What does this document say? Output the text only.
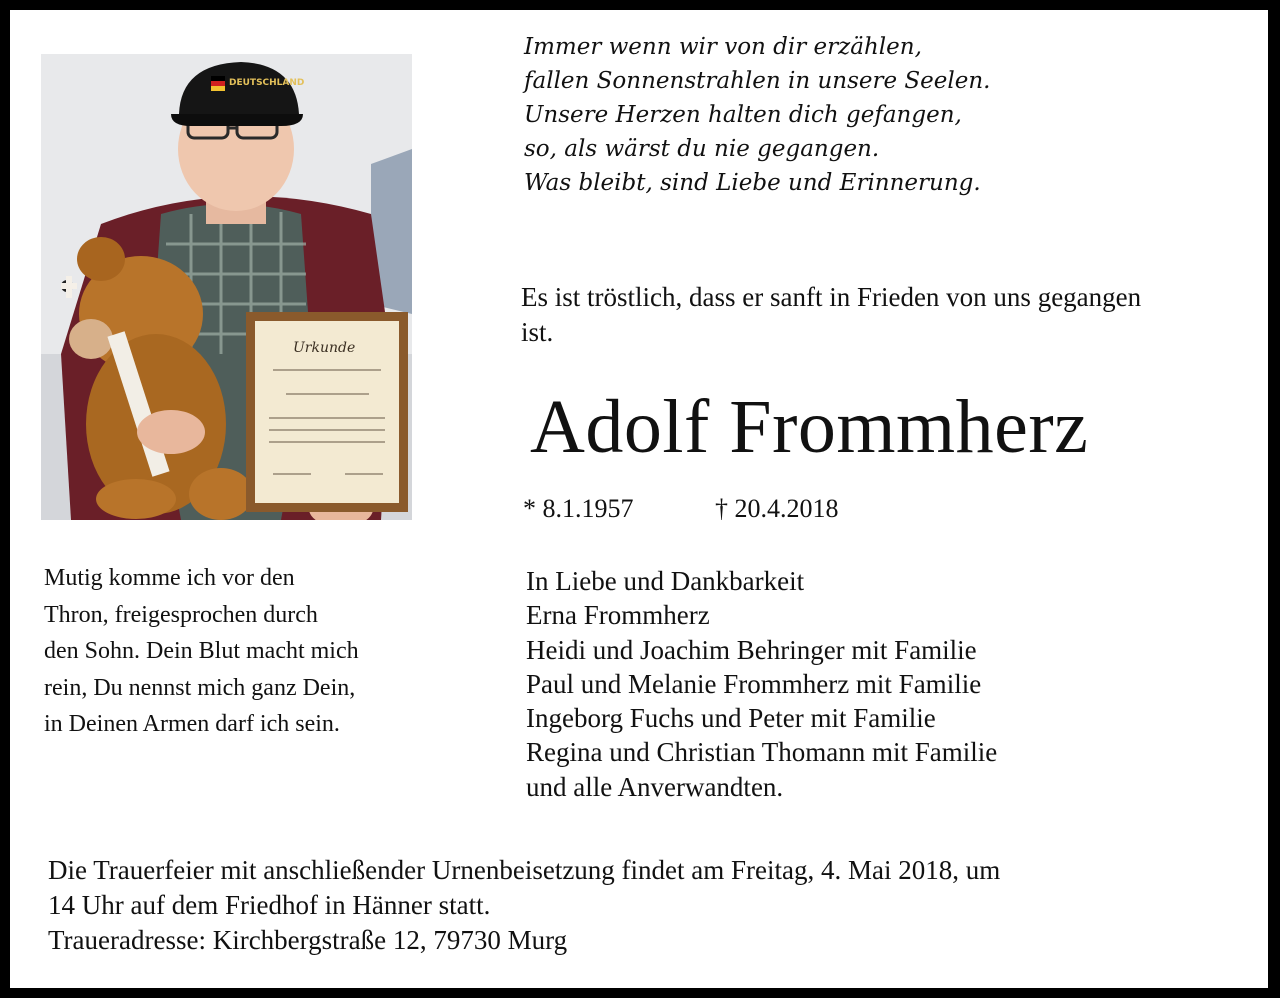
DEUTSCHLAND
Urkunde
Immer wenn wir von dir erzählen,
fallen Sonnenstrahlen in unsere Seelen.
Unsere Herzen halten dich gefangen,
so, als wärst du nie gegangen.
Was bleibt, sind Liebe und Erinnerung.
Es ist tröstlich, dass er sanft in Frieden von uns gegangen ist.
Adolf Frommherz
* 8.1.1957	† 20.4.2018
Mutig komme ich vor den
Thron, freigesprochen durch
den Sohn. Dein Blut macht mich
rein, Du nennst mich ganz Dein,
in Deinen Armen darf ich sein.
In Liebe und Dankbarkeit
Erna Frommherz
Heidi und Joachim Behringer mit Familie
Paul und Melanie Frommherz mit Familie
Ingeborg Fuchs und Peter mit Familie
Regina und Christian Thomann mit Familie
und alle Anverwandten.
Die Trauerfeier mit anschließender Urnenbeisetzung findet am Freitag, 4. Mai 2018, um
14 Uhr auf dem Friedhof in Hänner statt.
Traueradresse: Kirchbergstraße 12, 79730 Murg
